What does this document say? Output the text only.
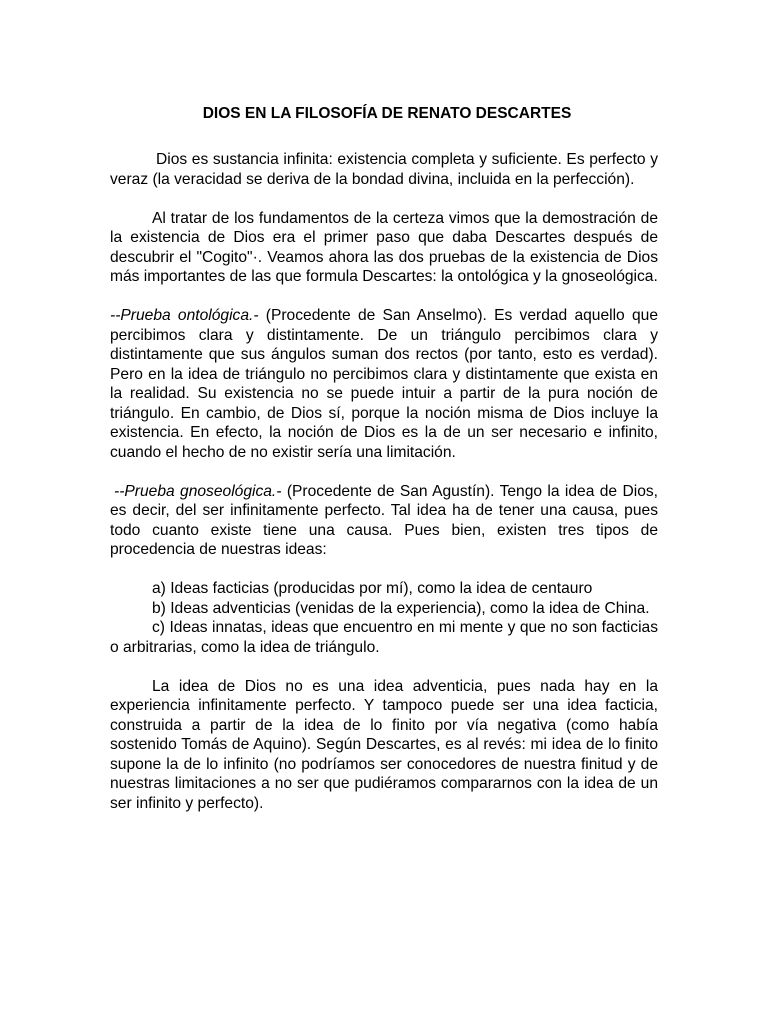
DIOS EN LA FILOSOFÍA DE RENATO DESCARTES

Dios es sustancia infinita: existencia completa y suficiente. Es perfecto y veraz (la veracidad se deriva de la bondad divina, incluida en la perfección).

Al tratar de los fundamentos de la certeza vimos que la demostración de la existencia de Dios era el primer paso que daba Descartes después de descubrir el "Cogito"·. Veamos ahora las dos pruebas de la existencia de Dios más importantes de las que formula Descartes: la ontológica y la gnoseológica.

--Prueba ontológica.- (Procedente de San Anselmo). Es verdad aquello que percibimos clara y distintamente. De un triángulo percibimos clara y distintamente que sus ángulos suman dos rectos (por tanto, esto es verdad). Pero en la idea de triángulo no percibimos clara y distintamente que exista en la realidad. Su existencia no se puede intuir a partir de la pura noción de triángulo. En cambio, de Dios sí, porque la noción misma de Dios incluye la existencia. En efecto, la noción de Dios es la de un ser necesario e infinito, cuando el hecho de no existir sería una limitación.

--Prueba gnoseológica.- (Procedente de San Agustín). Tengo la idea de Dios, es decir, del ser infinitamente perfecto. Tal idea ha de tener una causa, pues todo cuanto existe tiene una causa. Pues bien, existen tres tipos de procedencia de nuestras ideas:

a) Ideas facticias (producidas por mí), como la idea de centauro

b) Ideas adventicias (venidas de la experiencia), como la idea de China.

c) Ideas innatas, ideas que encuentro en mi mente y que no son facticias o arbitrarias, como la idea de triángulo.

La idea de Dios no es una idea adventicia, pues nada hay en la experiencia infinitamente perfecto. Y tampoco puede ser una idea facticia, construida a partir de la idea de lo finito por vía negativa (como había sostenido Tomás de Aquino). Según Descartes, es al revés: mi idea de lo finito supone la de lo infinito (no podríamos ser conocedores de nuestra finitud y de nuestras limitaciones a no ser que pudiéramos compararnos con la idea de un ser infinito y perfecto).
